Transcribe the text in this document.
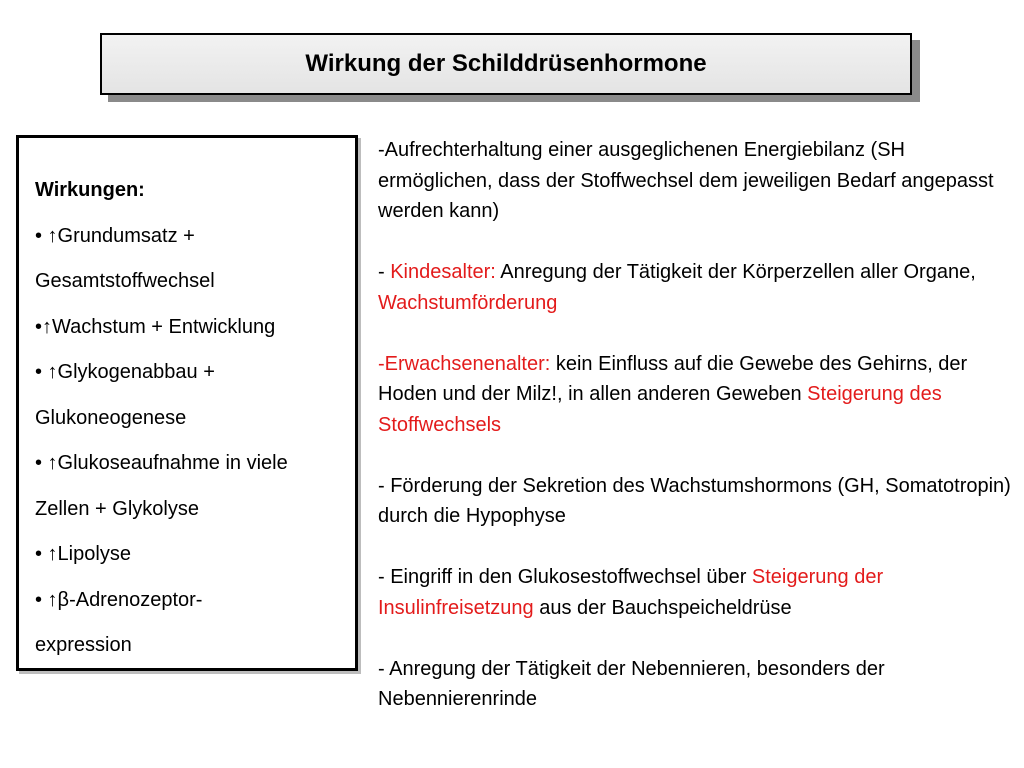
Wirkung der Schilddrüsenhormone
Wirkungen:
• ↑Grundumsatz +
Gesamtstoffwechsel
•↑Wachstum + Entwicklung
• ↑Glykogenabbau +
Glukoneogenese
• ↑Glukoseaufnahme in viele
Zellen + Glykolyse
• ↑Lipolyse
• ↑β-Adrenozeptor-
expression

-Aufrechterhaltung einer ausgeglichenen Energiebilanz (SH ermöglichen, dass der Stoffwechsel dem jeweiligen Bedarf angepasst werden kann)

- Kindesalter: Anregung der Tätigkeit der Körperzellen aller Organe, Wachstumförderung

-Erwachsenenalter: kein Einfluss auf die Gewebe des Gehirns, der Hoden und der Milz!, in allen anderen Geweben Steigerung des Stoffwechsels

- Förderung der Sekretion des Wachstumshormons (GH, Somatotropin) durch die Hypophyse

- Eingriff in den Glukosestoffwechsel über Steigerung der Insulinfreisetzung aus der Bauchspeicheldrüse

- Anregung der Tätigkeit der Nebennieren, besonders der Nebennierenrinde
